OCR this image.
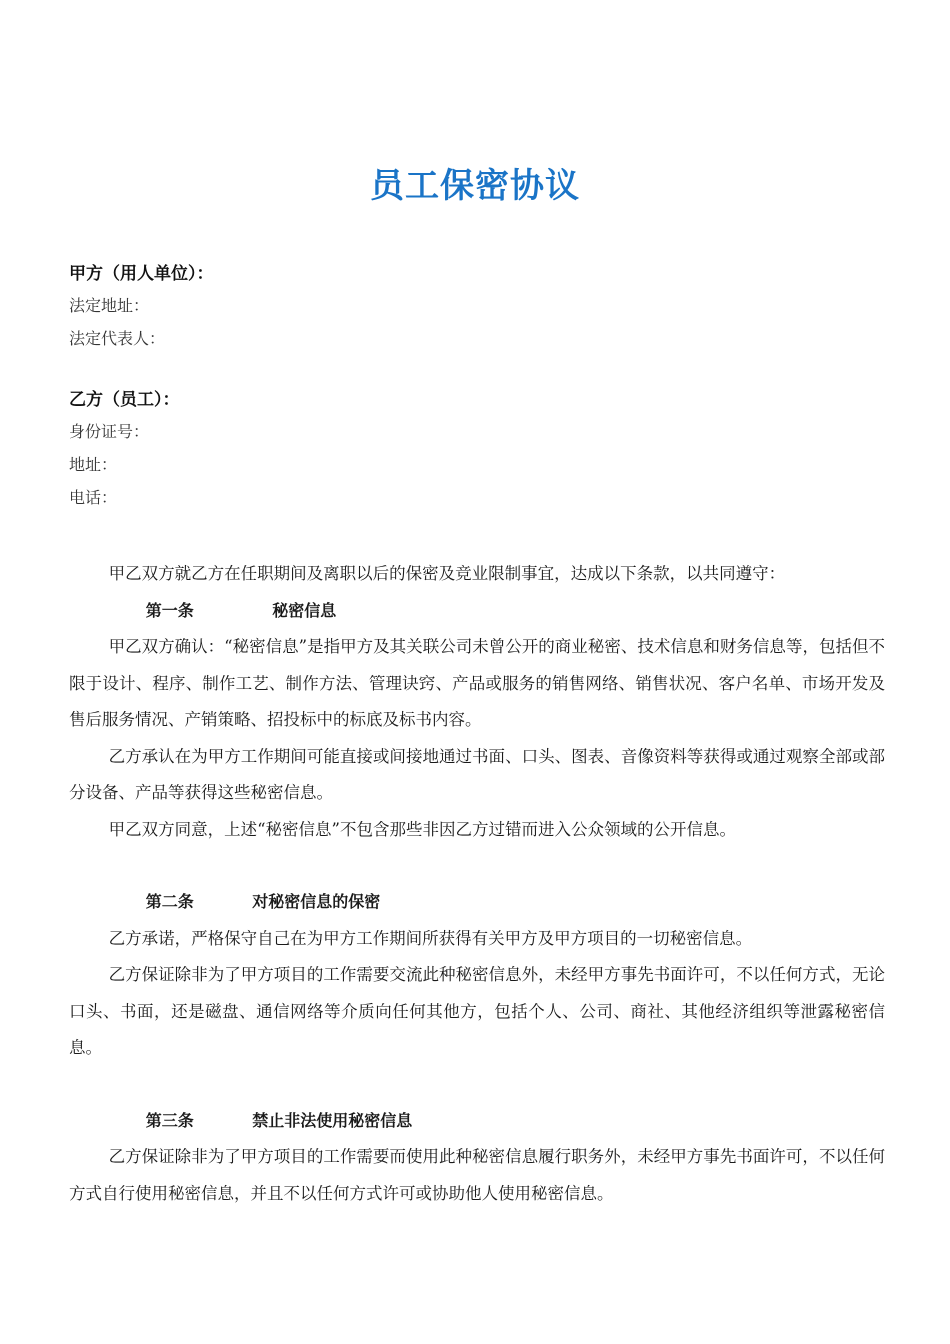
员工保密协议
甲方（用人单位）：
法定地址：
法定代表人：
乙方（员工）：
身份证号：
地址：
电话：

甲乙双方就乙方在任职期间及离职以后的保密及竞业限制事宜，达成以下条款，以共同遵守：

第一条	秘密信息

甲乙双方确认：“秘密信息”是指甲方及其关联公司未曾公开的商业秘密、技术信息和财务信息等，包括但不限于设计、程序、制作工艺、制作方法、管理诀窍、产品或服务的销售网络、销售状况、客户名单、市场开发及售后服务情况、产销策略、招投标中的标底及标书内容。

乙方承认在为甲方工作期间可能直接或间接地通过书面、口头、图表、音像资料等获得或通过观察全部或部分设备、产品等获得这些秘密信息。

甲乙双方同意，上述“秘密信息”不包含那些非因乙方过错而进入公众领域的公开信息。

第二条	对秘密信息的保密

乙方承诺，严格保守自己在为甲方工作期间所获得有关甲方及甲方项目的一切秘密信息。

乙方保证除非为了甲方项目的工作需要交流此种秘密信息外，未经甲方事先书面许可，不以任何方式，无论口头、书面，还是磁盘、通信网络等介质向任何其他方，包括个人、公司、商社、其他经济组织等泄露秘密信息。

第三条	禁止非法使用秘密信息

乙方保证除非为了甲方项目的工作需要而使用此种秘密信息履行职务外，未经甲方事先书面许可，不以任何方式自行使用秘密信息，并且不以任何方式许可或协助他人使用秘密信息。
